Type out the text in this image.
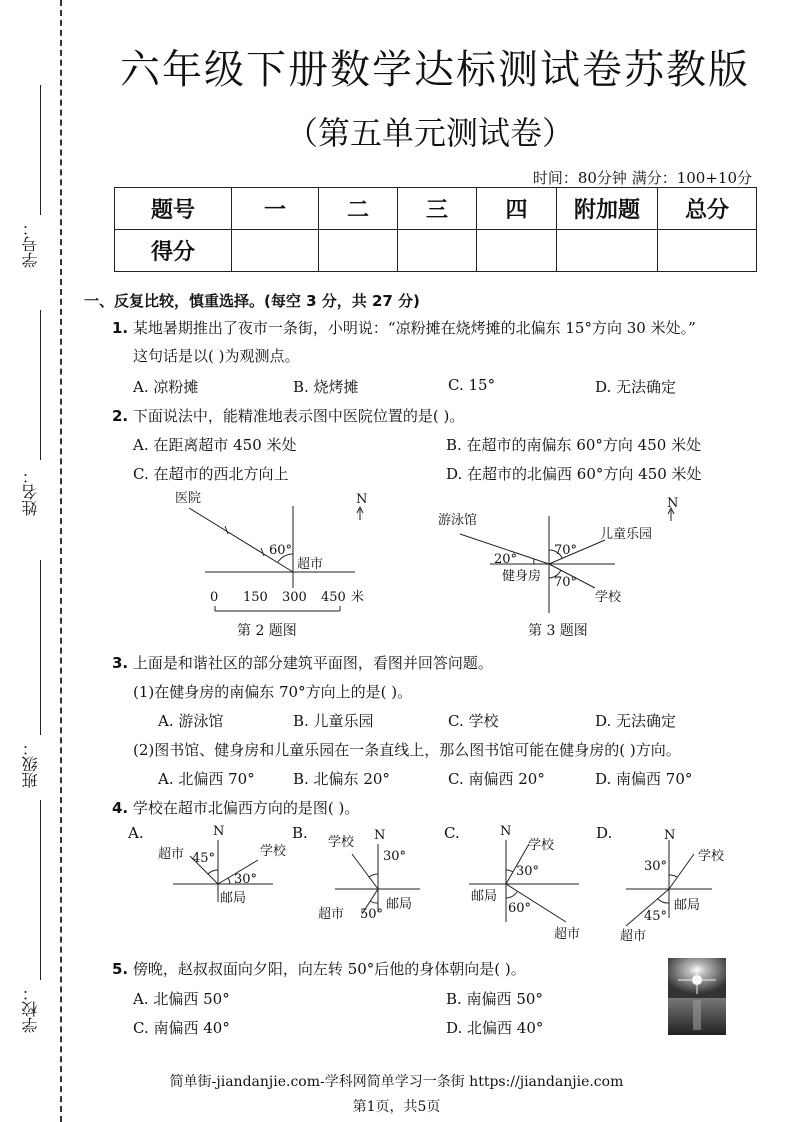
学号：
姓名：
班级：
学校：
六年级下册数学达标测试卷苏教版
（第五单元测试卷）
时间：80分钟 满分：100+10分
题号	一	二	三	四	附加题	总分
得分						
一、反复比较，慎重选择。(每空 3 分，共 27 分)
1. 某地暑期推出了夜市一条街，小明说：“凉粉摊在烧烤摊的北偏东 15°方向 30 米处。”
这句话是以( )为观测点。
A. 凉粉摊	B. 烧烤摊	C. 15°	D. 无法确定
2. 下面说法中，能精准地表示图中医院位置的是( )。
A. 在距离超市 450 米处	B. 在超市的南偏东 60°方向 450 米处
C. 在超市的西北方向上	D. 在超市的北偏西 60°方向 450 米处
医院
60°
超市
N
0 150 300 450 米
第 2 题图
游泳馆
儿童乐园
70°
20°
健身房 70°
学校
N
第 3 题图
3. 上面是和谐社区的部分建筑平面图，看图并回答问题。
(1)在健身房的南偏东 70°方向上的是( )。
A. 游泳馆	B. 儿童乐园	C. 学校	D. 无法确定
(2)图书馆、健身房和儿童乐园在一条直线上，那么图书馆可能在健身房的( )方向。
A. 北偏西 70°	B. 北偏东 20°	C. 南偏西 20°	D. 南偏西 70°
4. 学校在超市北偏西方向的是图( )。
A.	N
超市 45°	学校
30°
邮局
B.	N
学校
30°
邮局
超市 50°
C.	N
学校
30°
邮局
60°
超市
D.	N
30°
学校
邮局
45°
超市
5. 傍晚，赵叔叔面向夕阳，向左转 50°后他的身体朝向是( )。
A. 北偏西 50°	B. 南偏西 50°
C. 南偏西 40°	D. 北偏西 40°
简单街-jiandanjie.com-学科网简单学习一条街 https://jiandanjie.com
第1页，共5页
